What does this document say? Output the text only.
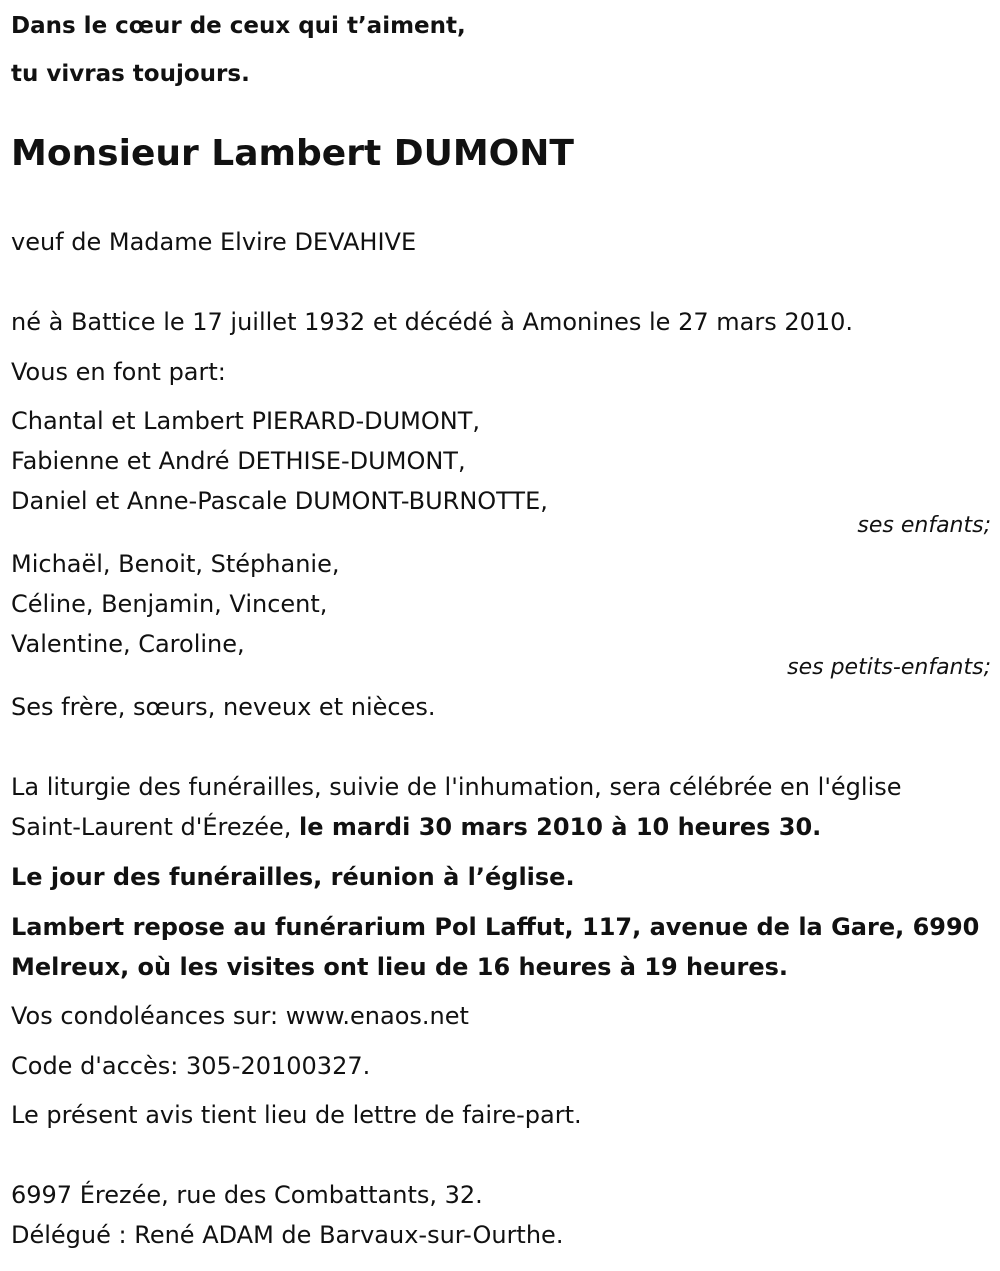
Dans le cœur de ceux qui t’aiment,
tu vivras toujours.
Monsieur Lambert DUMONT
veuf de Madame Elvire DEVAHIVE
né à Battice le 17 juillet 1932 et décédé à Amonines le 27 mars 2010.
Vous en font part:
Chantal et Lambert PIERARD-DUMONT,
Fabienne et André DETHISE-DUMONT,
Daniel et Anne-Pascale DUMONT-BURNOTTE,
ses enfants;
Michaël, Benoit, Stéphanie,
Céline, Benjamin, Vincent,
Valentine, Caroline,
ses petits-enfants;
Ses frère, sœurs, neveux et nièces.
La liturgie des funérailles, suivie de l'inhumation, sera célébrée en l'église
Saint-Laurent d'Érezée, le mardi 30 mars 2010 à 10 heures 30.
Le jour des funérailles, réunion à l’église.
Lambert repose au funérarium Pol Laffut, 117, avenue de la Gare, 6990
Melreux, où les visites ont lieu de 16 heures à 19 heures.
Vos condoléances sur: www.enaos.net
Code d'accès: 305-20100327.
Le présent avis tient lieu de lettre de faire-part.
6997 Érezée, rue des Combattants, 32.
Délégué : René ADAM de Barvaux-sur-Ourthe.
